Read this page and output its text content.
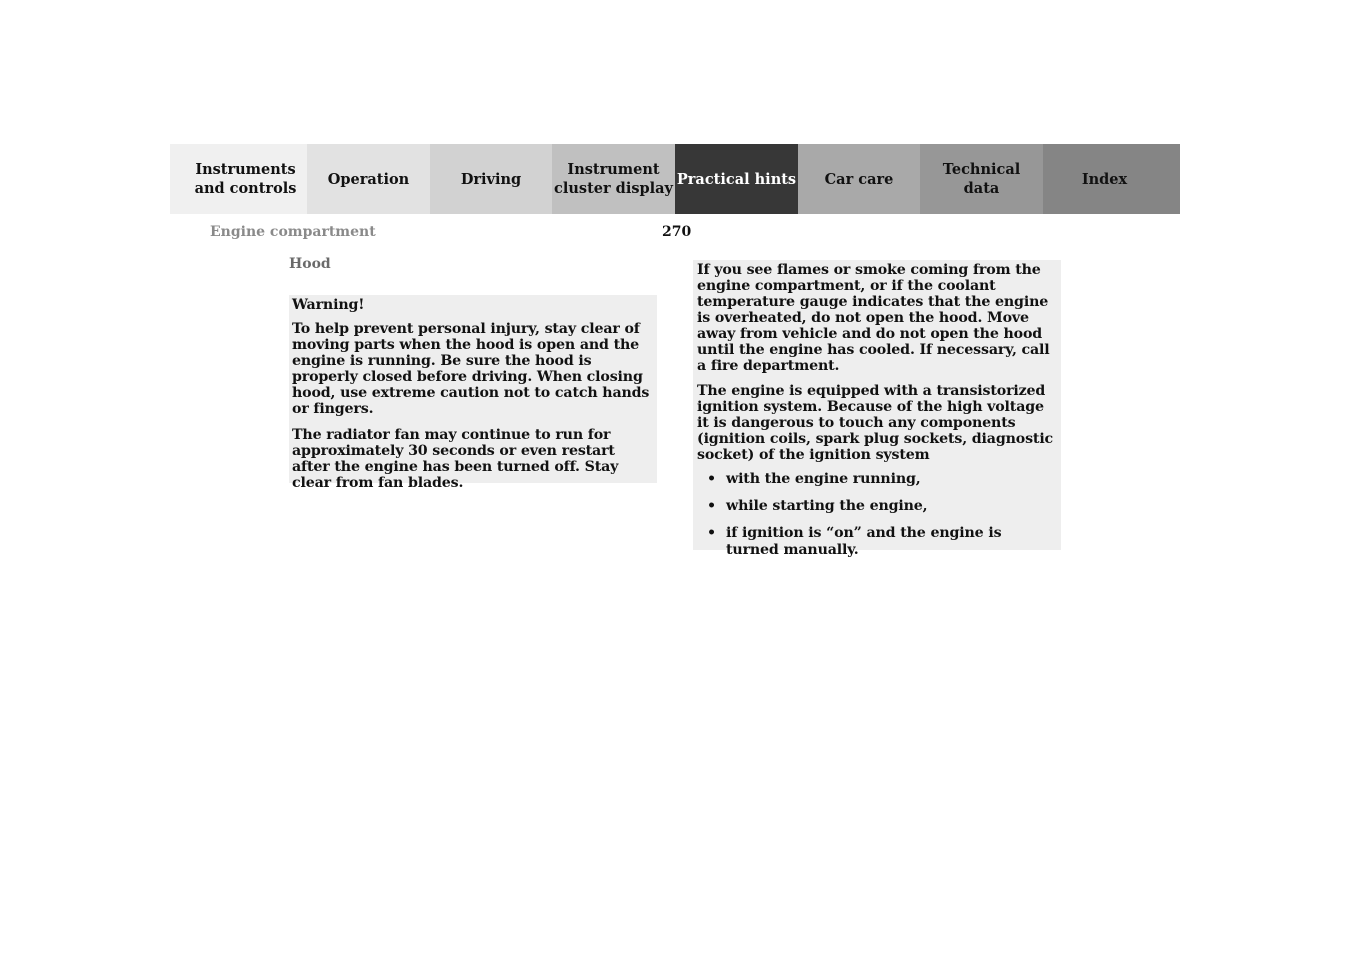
Instruments
and controls
Operation	Driving
Instrument
cluster display
Practical hints Car care
Technical
data
Index
Engine compartment	270
Hood

Warning!

To help prevent personal injury, stay clear of moving parts when the hood is open and the engine is running. Be sure the hood is properly closed before driving. When closing hood, use extreme caution not to catch hands or fingers.

The radiator fan may continue to run for approximately 30 seconds or even restart after the engine has been turned off. Stay clear from fan blades.

If you see flames or smoke coming from the engine compartment, or if the coolant temperature gauge indicates that the engine is overheated, do not open the hood. Move away from vehicle and do not open the hood until the engine has cooled. If necessary, call a fire department.

The engine is equipped with a transistorized ignition system. Because of the high voltage it is dangerous to touch any components (ignition coils, spark plug sockets, diagnostic socket) of the ignition system

• with the engine running,
• while starting the engine,
• if ignition is “on” and the engine is turned manually.
